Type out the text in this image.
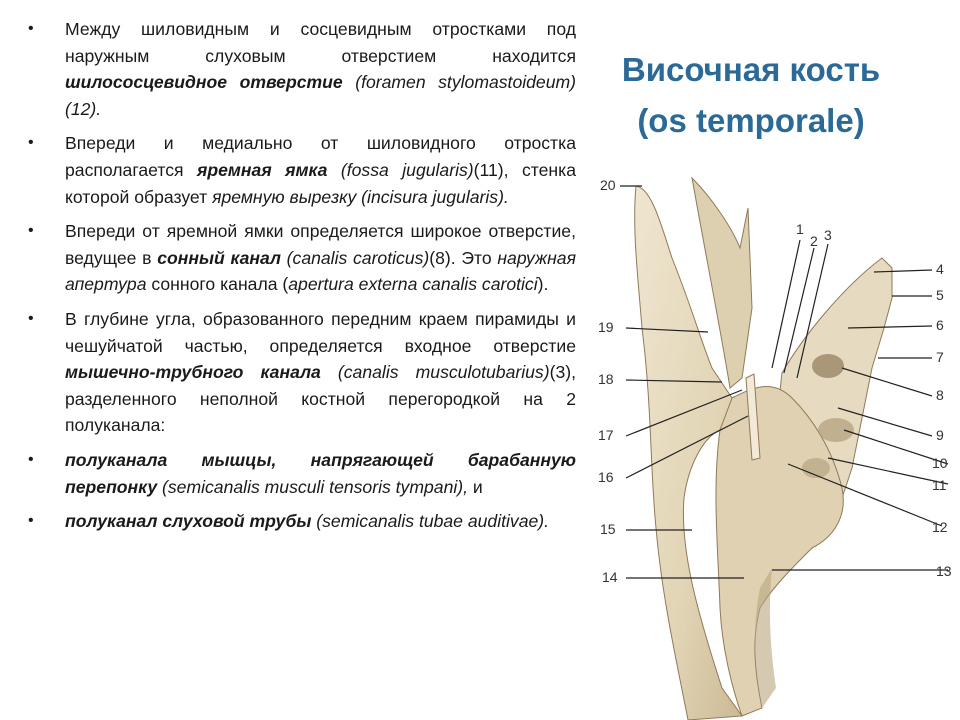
• Между шиловидным и сосцевидным отростками под наружным слуховым отверстием находится шилососцевидное отверстие (foramen stylomastoideum)(12).
• Впереди и медиально от шиловидного отростка располагается яремная ямка (fossa jugularis)(11), стенка которой образует яремную вырезку (incisura jugularis).
• Впереди от яремной ямки определяется широкое отверстие, ведущее в сонный канал (canalis caroticus)(8). Это наружная апертура сонного канала (apertura externa canalis carotici).
• В глубине угла, образованного передним краем пирамиды и чешуйчатой частью, определяется входное отверстие мышечно-трубного канала (canalis musculotubarius)(3), разделенного неполной костной перегородкой на 2 полуканала:
• полуканала мышцы, напрягающей барабанную перепонку (semicanalis musculi tensoris tympani), и
• полуканал слуховой трубы (semicanalis tubae auditivae).
Височная кость
(os temporale)
20
1
2 3
4
5
6
7
8
9
10
11
12
13
14
15
16
17
18
19
